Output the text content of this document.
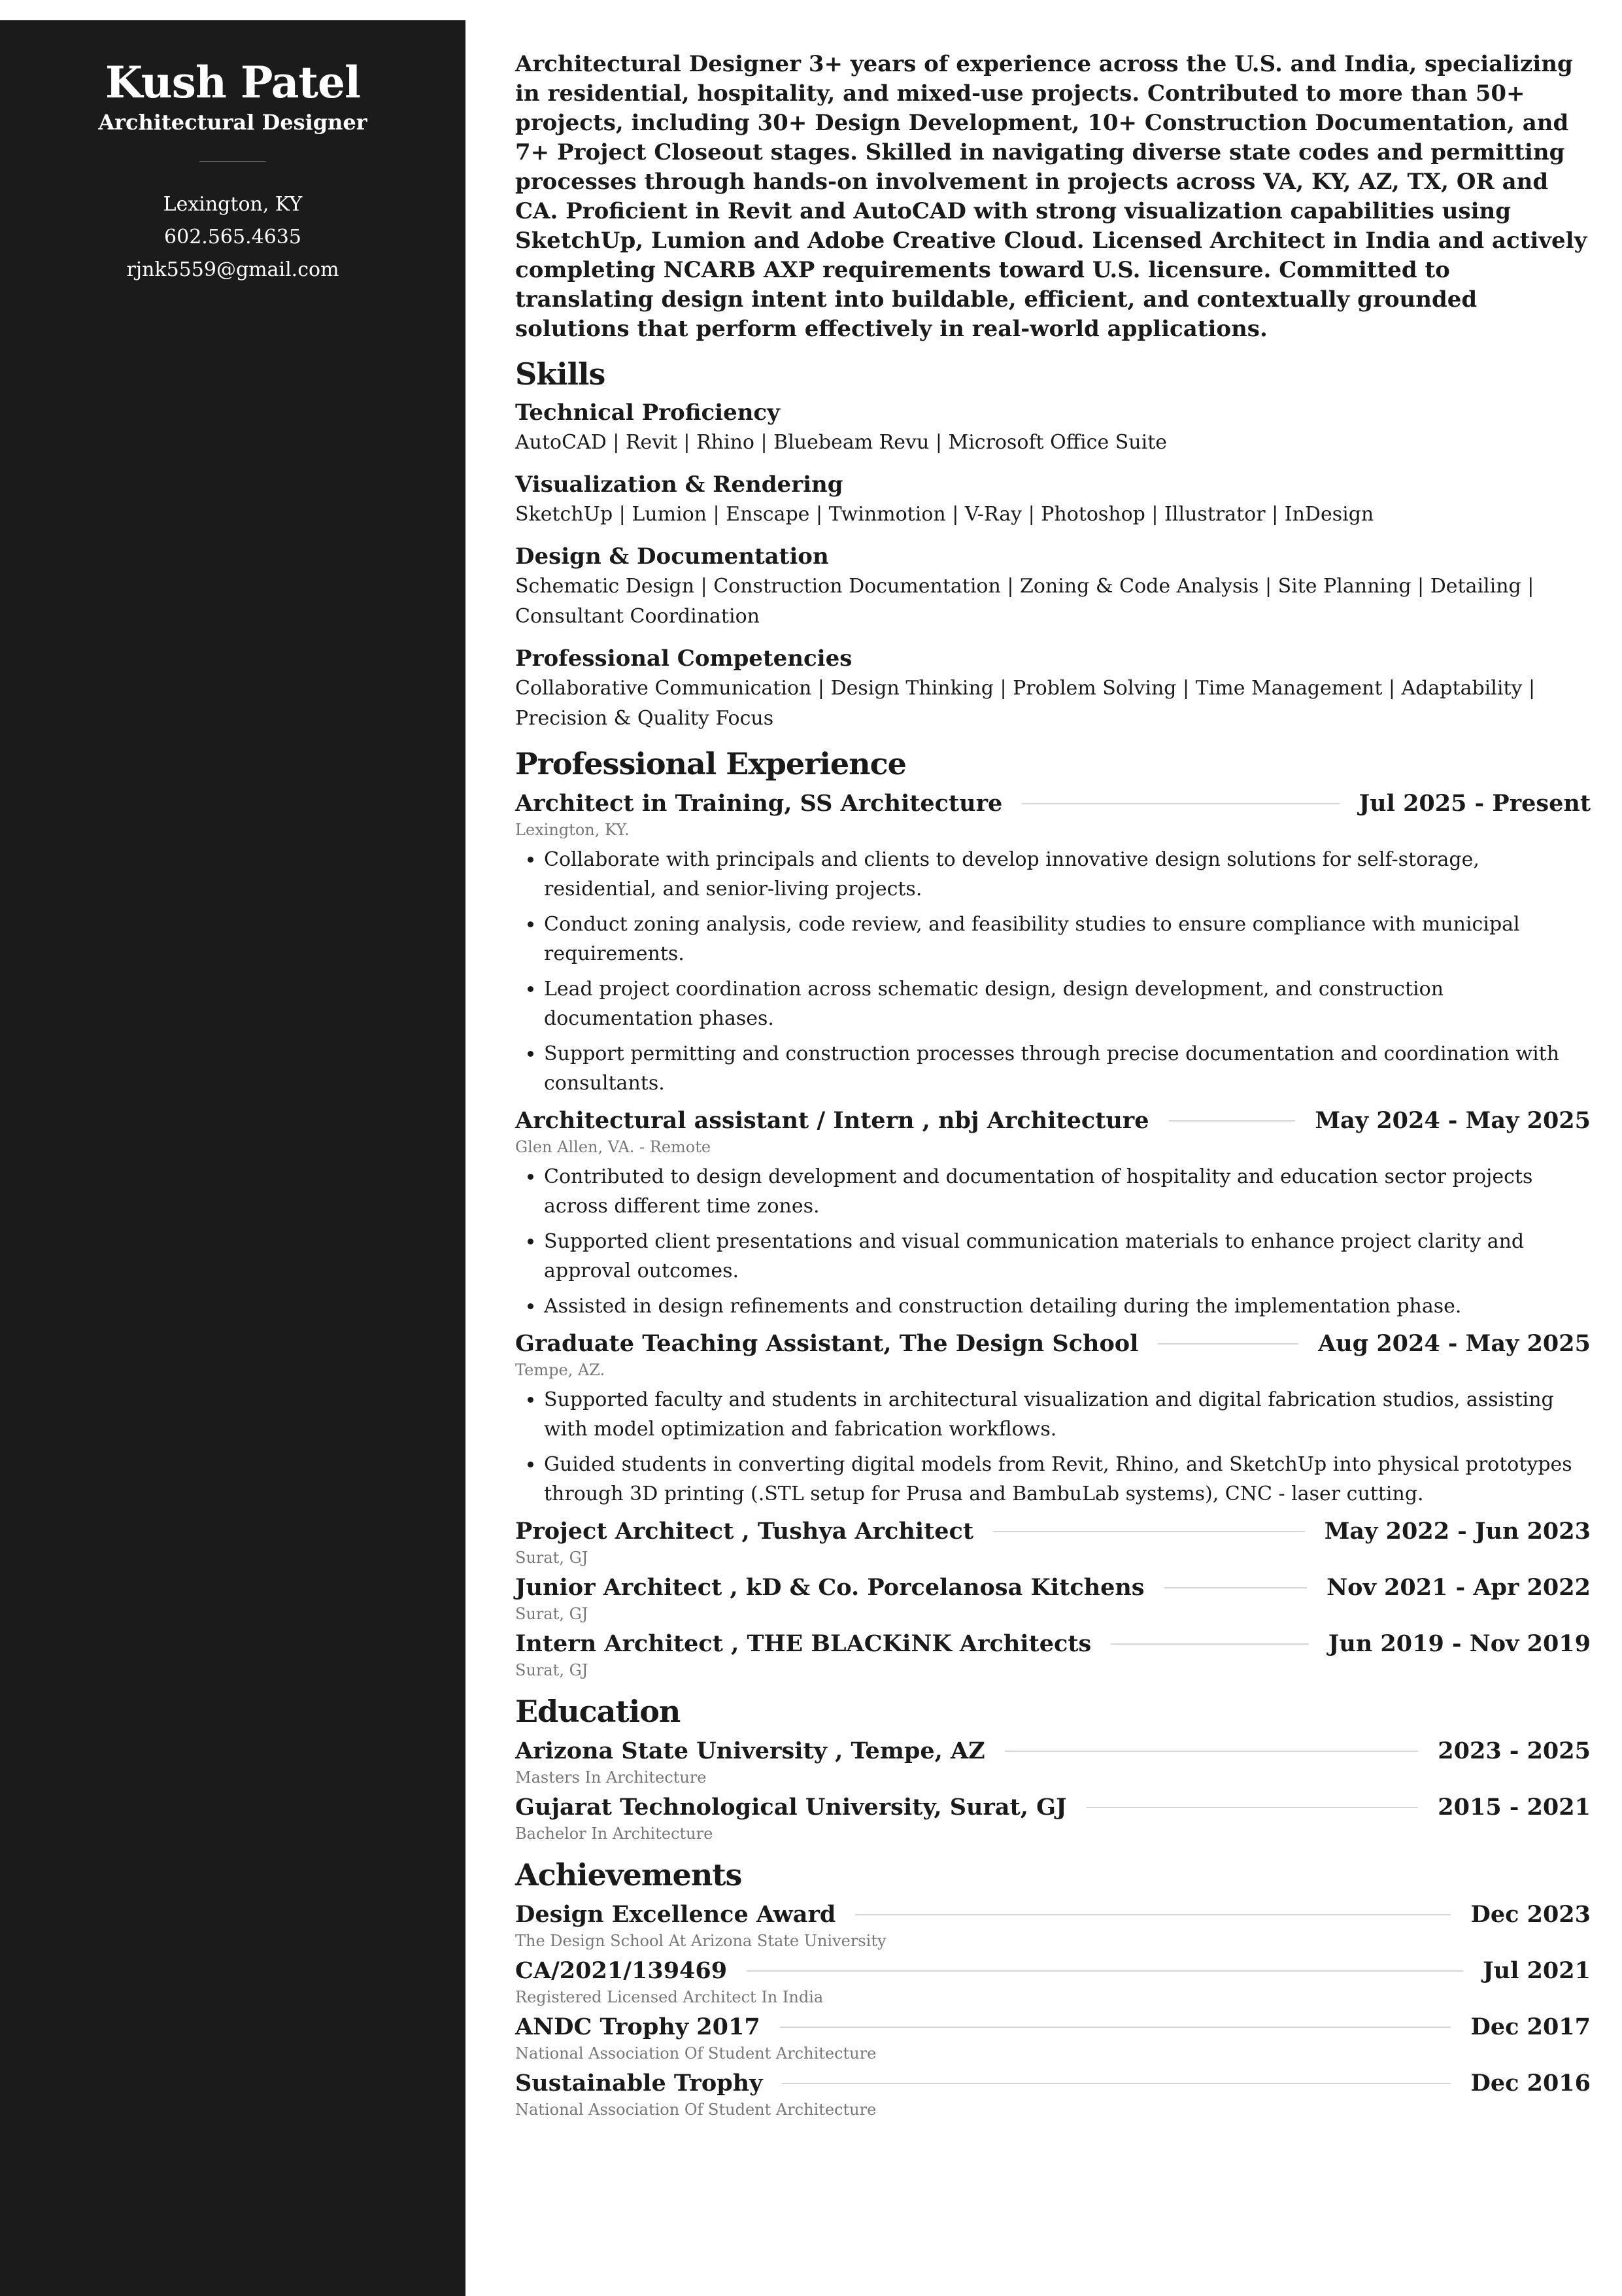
Kush Patel
Architectural Designer
Lexington, KY
602.565.4635
rjnk5559@gmail.com

Architectural Designer 3+ years of experience across the U.S. and India, specializing in residential, hospitality, and mixed-use projects. Contributed to more than 50+ projects, including 30+ Design Development, 10+ Construction Documentation, and 7+ Project Closeout stages. Skilled in navigating diverse state codes and permitting processes through hands-on involvement in projects across VA, KY, AZ, TX, OR and CA. Proficient in Revit and AutoCAD with strong visualization capabilities using SketchUp, Lumion and Adobe Creative Cloud. Licensed Architect in India and actively completing NCARB AXP requirements toward U.S. licensure. Committed to translating design intent into buildable, efficient, and contextually grounded solutions that perform effectively in real-world applications.

Skills
Technical Proficiency
AutoCAD | Revit | Rhino | Bluebeam Revu | Microsoft Office Suite
Visualization & Rendering
SketchUp | Lumion | Enscape | Twinmotion | V-Ray | Photoshop | Illustrator | InDesign
Design & Documentation
Schematic Design | Construction Documentation | Zoning & Code Analysis | Site Planning | Detailing | Consultant Coordination
Professional Competencies
Collaborative Communication | Design Thinking | Problem Solving | Time Management | Adaptability | Precision & Quality Focus
Professional Experience
Architect in Training, SS Architecture	Jul 2025 - Present
Lexington, KY.
• Collaborate with principals and clients to develop innovative design solutions for self-storage, residential, and senior-living projects.
• Conduct zoning analysis, code review, and feasibility studies to ensure compliance with municipal requirements.
• Lead project coordination across schematic design, design development, and construction documentation phases.
• Support permitting and construction processes through precise documentation and coordination with consultants.
Architectural assistant / Intern , nbj Architecture	May 2024 - May 2025
Glen Allen, VA. - Remote
• Contributed to design development and documentation of hospitality and education sector projects across different time zones.
• Supported client presentations and visual communication materials to enhance project clarity and approval outcomes.
• Assisted in design refinements and construction detailing during the implementation phase.
Graduate Teaching Assistant, The Design School	Aug 2024 - May 2025
Tempe, AZ.
• Supported faculty and students in architectural visualization and digital fabrication studios, assisting with model optimization and fabrication workflows.
• Guided students in converting digital models from Revit, Rhino, and SketchUp into physical prototypes through 3D printing (.STL setup for Prusa and BambuLab systems), CNC - laser cutting.
Project Architect , Tushya Architect	May 2022 - Jun 2023
Surat, GJ
Junior Architect , kD & Co. Porcelanosa Kitchens	Nov 2021 - Apr 2022
Surat, GJ
Intern Architect , THE BLACKiNK Architects	Jun 2019 - Nov 2019
Surat, GJ
Education
Arizona State University , Tempe, AZ	2023 - 2025
Masters In Architecture
Gujarat Technological University, Surat, GJ	2015 - 2021
Bachelor In Architecture
Achievements
Design Excellence Award	Dec 2023
The Design School At Arizona State University
CA/2021/139469	Jul 2021
Registered Licensed Architect In India
ANDC Trophy 2017	Dec 2017
National Association Of Student Architecture
Sustainable Trophy	Dec 2016
National Association Of Student Architecture
